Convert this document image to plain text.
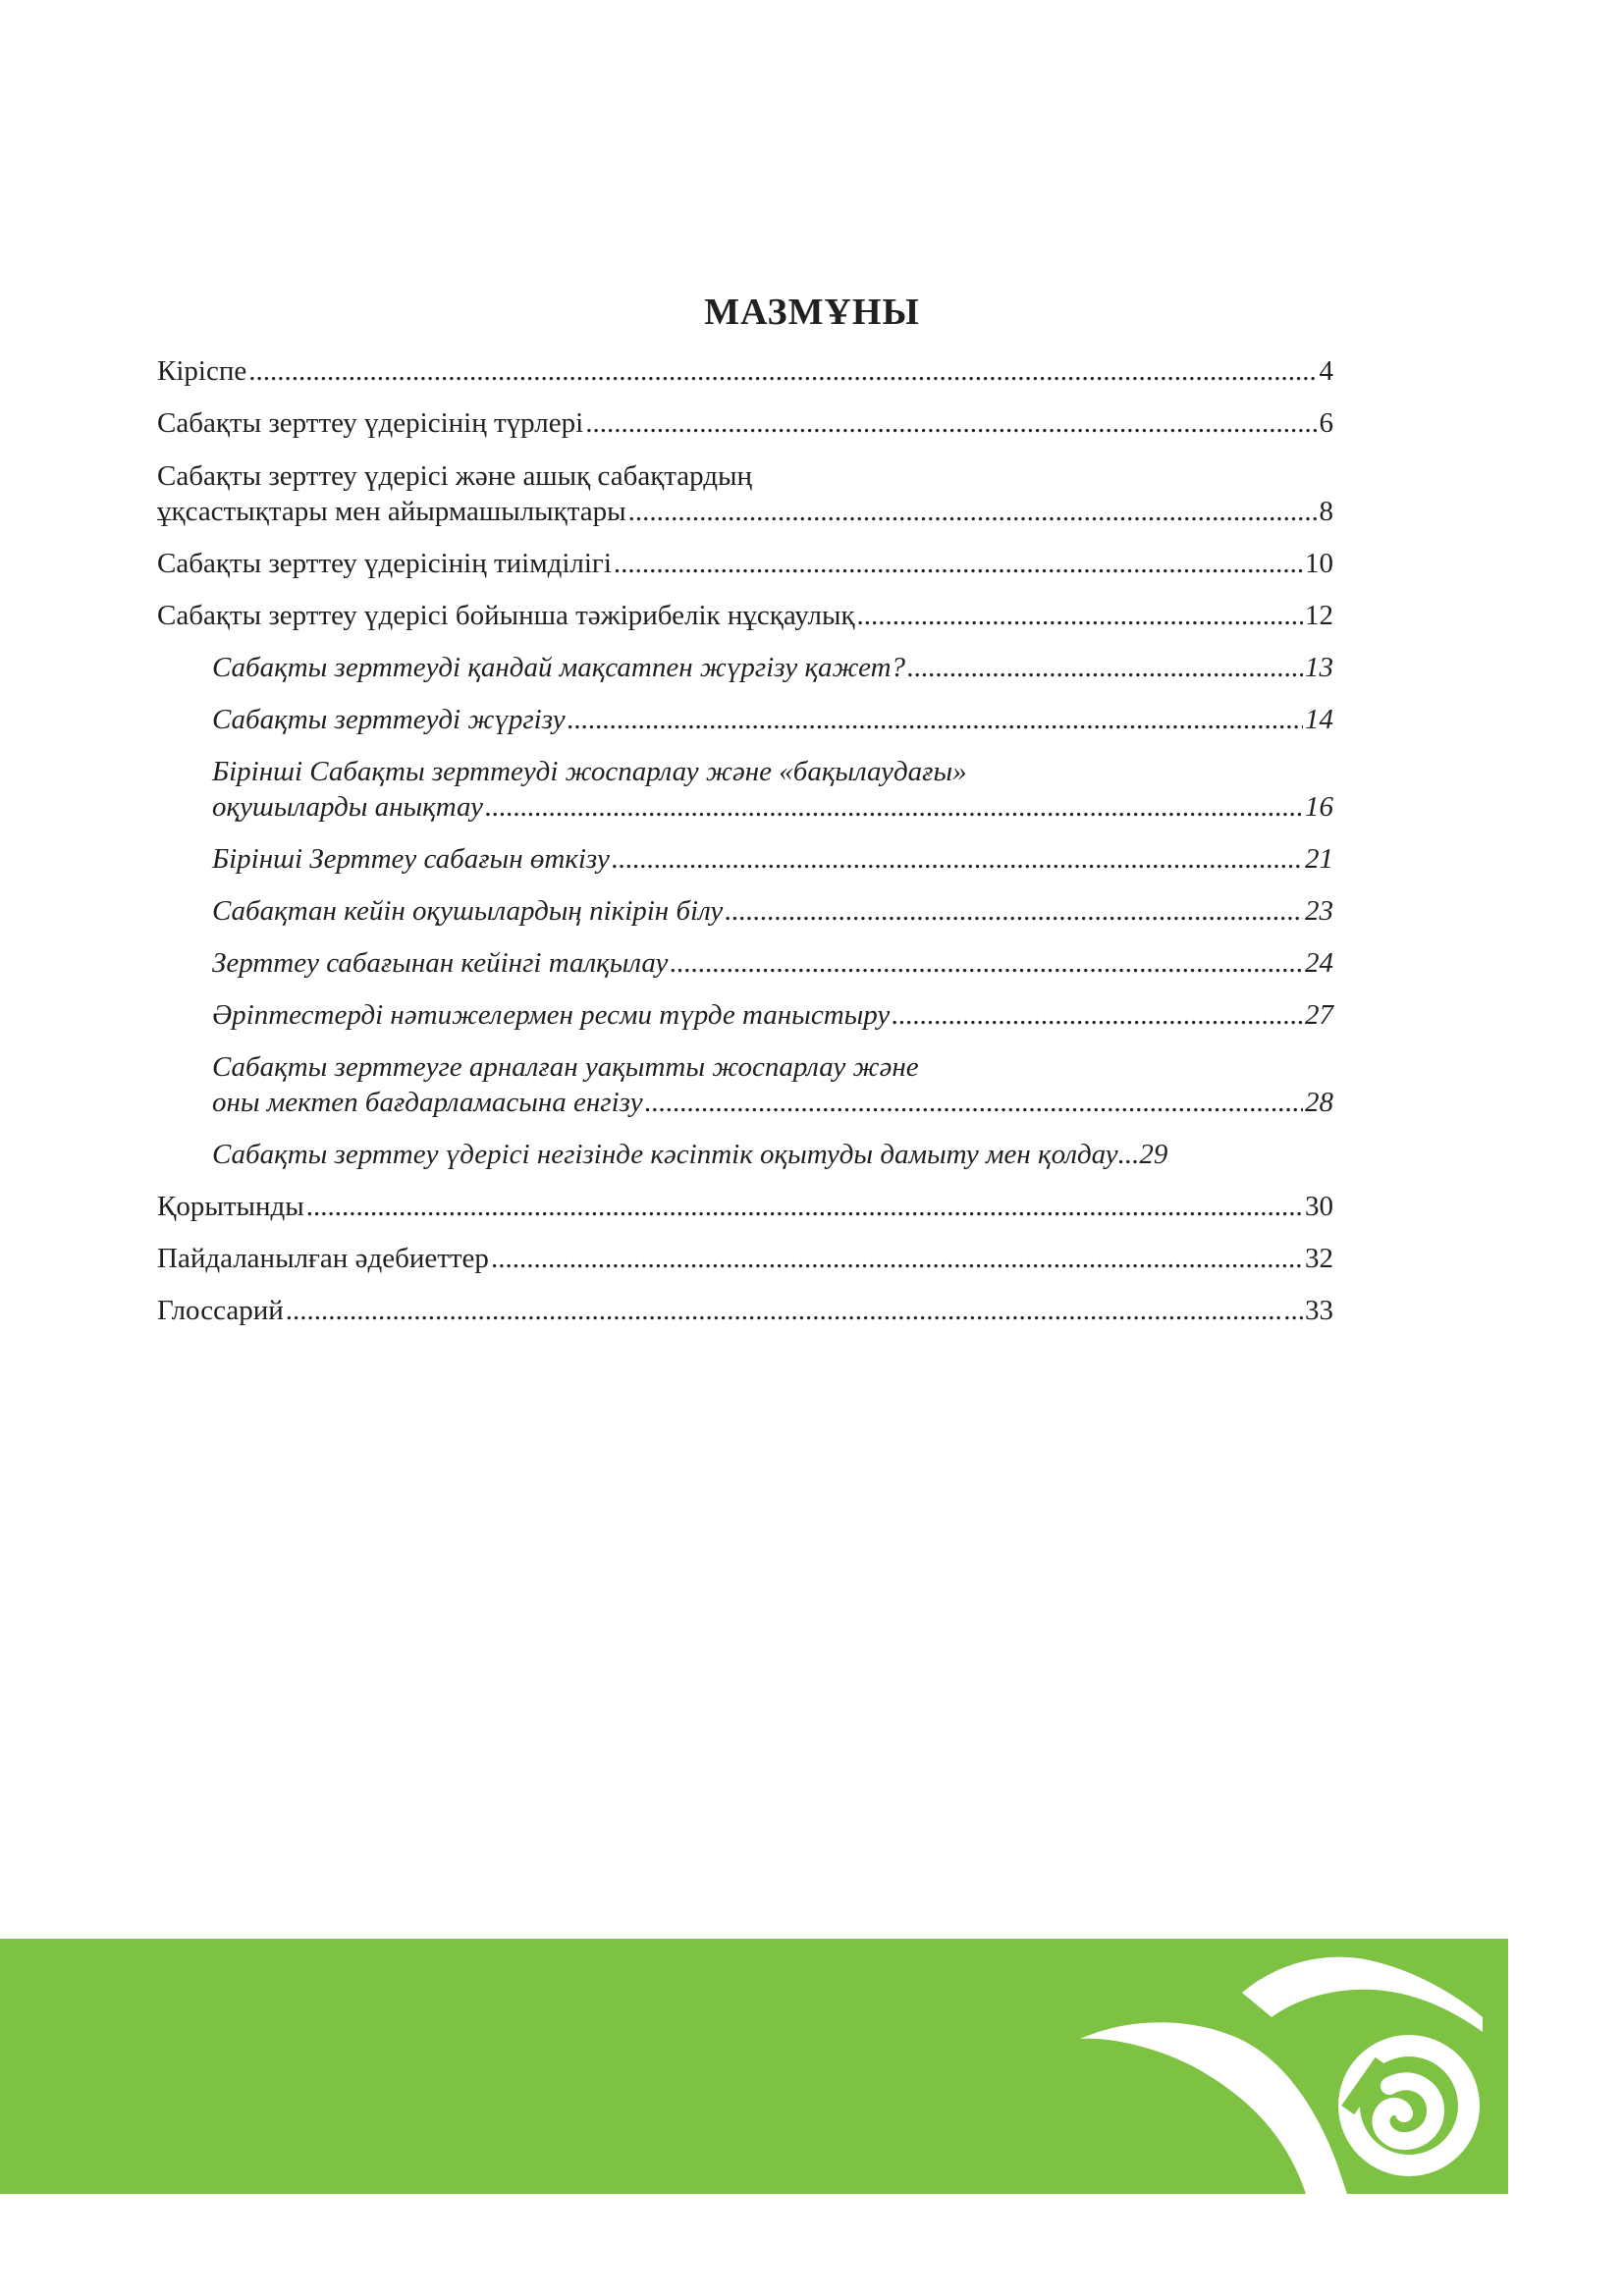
МАЗМҰНЫ
Кіріспе .....	4
Сабақты зерттеу үдерісінің түрлері .....	6
Сабақты зерттеу үдерісі және ашық сабақтардың
ұқсастықтары мен айырмашылықтары .....	8
Сабақты зерттеу үдерісінің тиімділігі .....	10
Сабақты зерттеу үдерісі бойынша тәжірибелік нұсқаулық .....	12
Сабақты зерттеуді қандай мақсатпен жүргізу қажет? .....	13
Сабақты зерттеуді жүргізу .....	14
Бірінші Сабақты зерттеуді жоспарлау және «бақылаудағы»
оқушыларды анықтау .....	16
Бірінші Зерттеу сабағын өткізу .....	21
Сабақтан кейін оқушылардың пікірін білу .....	23
Зерттеу сабағынан кейінгі талқылау .....	24
Әріптестерді нәтижелермен ресми түрде таныстыру .....	27
Сабақты зерттеуге арналған уақытты жоспарлау және
оны мектеп бағдарламасына енгізу .....	28
Сабақты зерттеу үдерісі негізінде кәсіптік оқытуды дамыту мен қолдау ...29
Қорытынды .....	30
Пайдаланылған әдебиеттер .....	32
Глоссарий .....	...33
